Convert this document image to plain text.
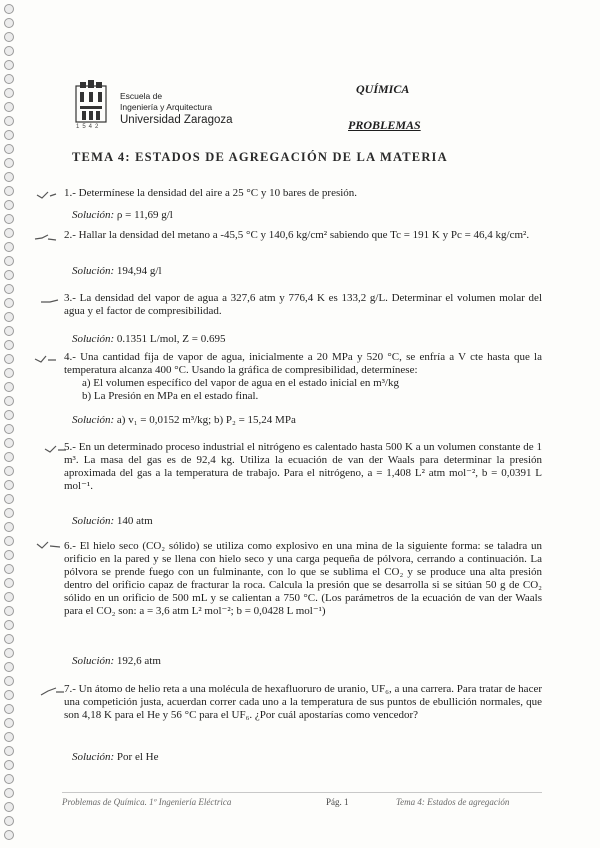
1542
Escuela de
Ingeniería y Arquitectura
Universidad Zaragoza
QUÍMICA
PROBLEMAS
TEMA 4: ESTADOS DE AGREGACIÓN DE LA MATERIA
1.- Determínese la densidad del aire a 25 °C y 10 bares de presión.
Solución: ρ = 11,69 g/l
2.- Hallar la densidad del metano a -45,5 °C y 140,6 kg/cm² sabiendo que Tc = 191 K y Pc = 46,4 kg/cm².
Solución: 194,94 g/l
3.- La densidad del vapor de agua a 327,6 atm y 776,4 K es 133,2 g/L. Determinar el volumen molar del agua y el factor de compresibilidad.
Solución: 0.1351 L/mol, Z = 0.695
4.- Una cantidad fija de vapor de agua, inicialmente a 20 MPa y 520 °C, se enfría a V cte hasta que la temperatura alcanza 400 °C. Usando la gráfica de compresibilidad, determínese:
a) El volumen específico del vapor de agua en el estado inicial en m³/kg
b) La Presión en MPa en el estado final.
Solución: a) v₁ = 0,0152 m³/kg; b) P₂ = 15,24 MPa
5.- En un determinado proceso industrial el nitrógeno es calentado hasta 500 K a un volumen constante de 1 m³. La masa del gas es de 92,4 kg. Utiliza la ecuación de van der Waals para determinar la presión aproximada del gas a la temperatura de trabajo. Para el nitrógeno, a = 1,408 L² atm mol⁻², b = 0,0391 L mol⁻¹.
Solución: 140 atm
6.- El hielo seco (CO₂ sólido) se utiliza como explosivo en una mina de la siguiente forma: se taladra un orificio en la pared y se llena con hielo seco y una carga pequeña de pólvora, cerrando a continuación. La pólvora se prende fuego con un fulminante, con lo que se sublima el CO₂ y se produce una alta presión dentro del orificio capaz de fracturar la roca. Calcula la presión que se desarrolla si se sitúan 50 g de CO₂ sólido en un orificio de 500 mL y se calientan a 750 °C. (Los parámetros de la ecuación de van der Waals para el CO₂ son: a = 3,6 atm L² mol⁻²; b = 0,0428 L mol⁻¹)
Solución: 192,6 atm
7.- Un átomo de helio reta a una molécula de hexafluoruro de uranio, UF₆, a una carrera. Para tratar de hacer una competición justa, acuerdan correr cada uno a la temperatura de sus puntos de ebullición normales, que son 4,18 K para el He y 56 °C para el UF₆. ¿Por cuál apostarías como vencedor?
Solución: Por el He
Problemas de Química. 1º Ingeniería Eléctrica	Pág. 1	Tema 4: Estados de agregación
